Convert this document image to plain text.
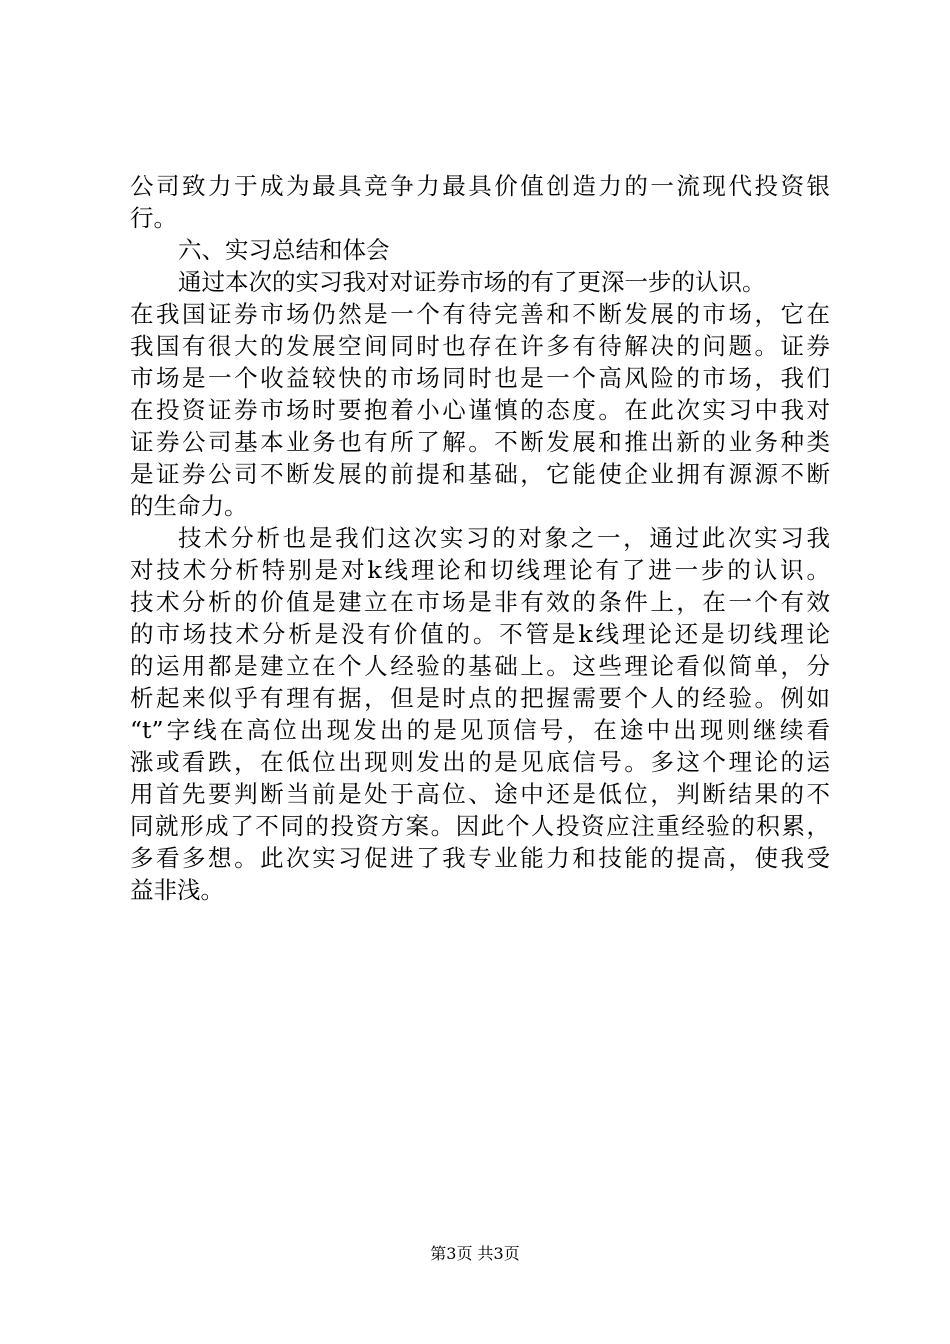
公司致力于成为最具竞争力最具价值创造力的一流现代投资银
行。
六、实习总结和体会
通过本次的实习我对对证券市场的有了更深一步的认识。
在我国证券市场仍然是一个有待完善和不断发展的市场，它在
我国有很大的发展空间同时也存在许多有待解决的问题。证券
市场是一个收益较快的市场同时也是一个高风险的市场，我们
在投资证券市场时要抱着小心谨慎的态度。在此次实习中我对
证券公司基本业务也有所了解。不断发展和推出新的业务种类
是证券公司不断发展的前提和基础，它能使企业拥有源源不断
的生命力。
技术分析也是我们这次实习的对象之一，通过此次实习我
对技术分析特别是对k线理论和切线理论有了进一步的认识。
技术分析的价值是建立在市场是非有效的条件上，在一个有效
的市场技术分析是没有价值的。不管是k线理论还是切线理论
的运用都是建立在个人经验的基础上。这些理论看似简单，分
析起来似乎有理有据，但是时点的把握需要个人的经验。例如
“t”字线在高位出现发出的是见顶信号，在途中出现则继续看
涨或看跌，在低位出现则发出的是见底信号。多这个理论的运
用首先要判断当前是处于高位、途中还是低位，判断结果的不
同就形成了不同的投资方案。因此个人投资应注重经验的积累，
多看多想。此次实习促进了我专业能力和技能的提高，使我受
益非浅。
第3页 共3页
